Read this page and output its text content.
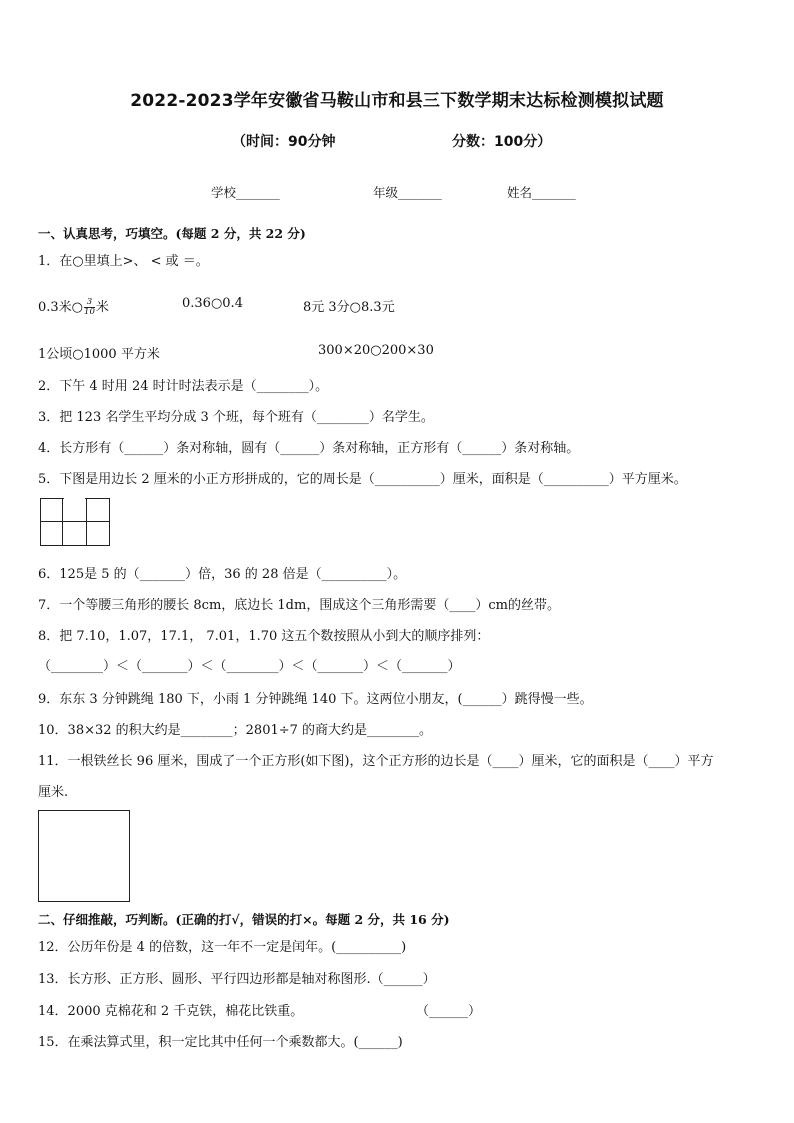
2022-2023学年安徽省马鞍山市和县三下数学期末达标检测模拟试题
（时间：90分钟	分数：100分）
学校_______	年级_______	姓名_______
一、认真思考，巧填空。(每题 2 分，共 22 分)
1．在○里填上>、 < 或 ＝。
0.3米○ $\frac{3}{10}$ 米	0.36○0.4	8元 3分○8.3元
1公顷○1000 平方米	300×20○200×30
2．下午 4 时用 24 时计时法表示是（________）。
3．把 123 名学生平均分成 3 个班，每个班有（________）名学生。
4．长方形有（______）条对称轴，圆有（______）条对称轴，正方形有（______）条对称轴。
5．下图是用边长 2 厘米的小正方形拼成的，它的周长是（__________）厘米，面积是（__________）平方厘米。
6．125是 5 的（_______）倍，36 的 28 倍是（__________）。
7．一个等腰三角形的腰长 8cm，底边长 1dm，围成这个三角形需要（____）cm的丝带。
8．把 7.10，1.07，17.1， 7.01，1.70 这五个数按照从小到大的顺序排列：
（________）＜（_______）＜（________）＜（_______）＜（_______）
9．东东 3 分钟跳绳 180 下，小雨 1 分钟跳绳 140 下。这两位小朋友，(______）跳得慢一些。
10．38×32 的积大约是________；2801÷7 的商大约是________。
11．一根铁丝长 96 厘米，围成了一个正方形(如下图)，这个正方形的边长是（____）厘米，它的面积是（____）平方
厘米.
二、仔细推敲，巧判断。(正确的打√，错误的打×。每题 2 分，共 16 分)
12．公历年份是 4 的倍数，这一年不一定是闰年。(__________)
13．长方形、正方形、圆形、平行四边形都是轴对称图形.（______）
14．2000 克棉花和 2 千克铁，棉花比铁重。	（______）
15．在乘法算式里，积一定比其中任何一个乘数都大。(______)
